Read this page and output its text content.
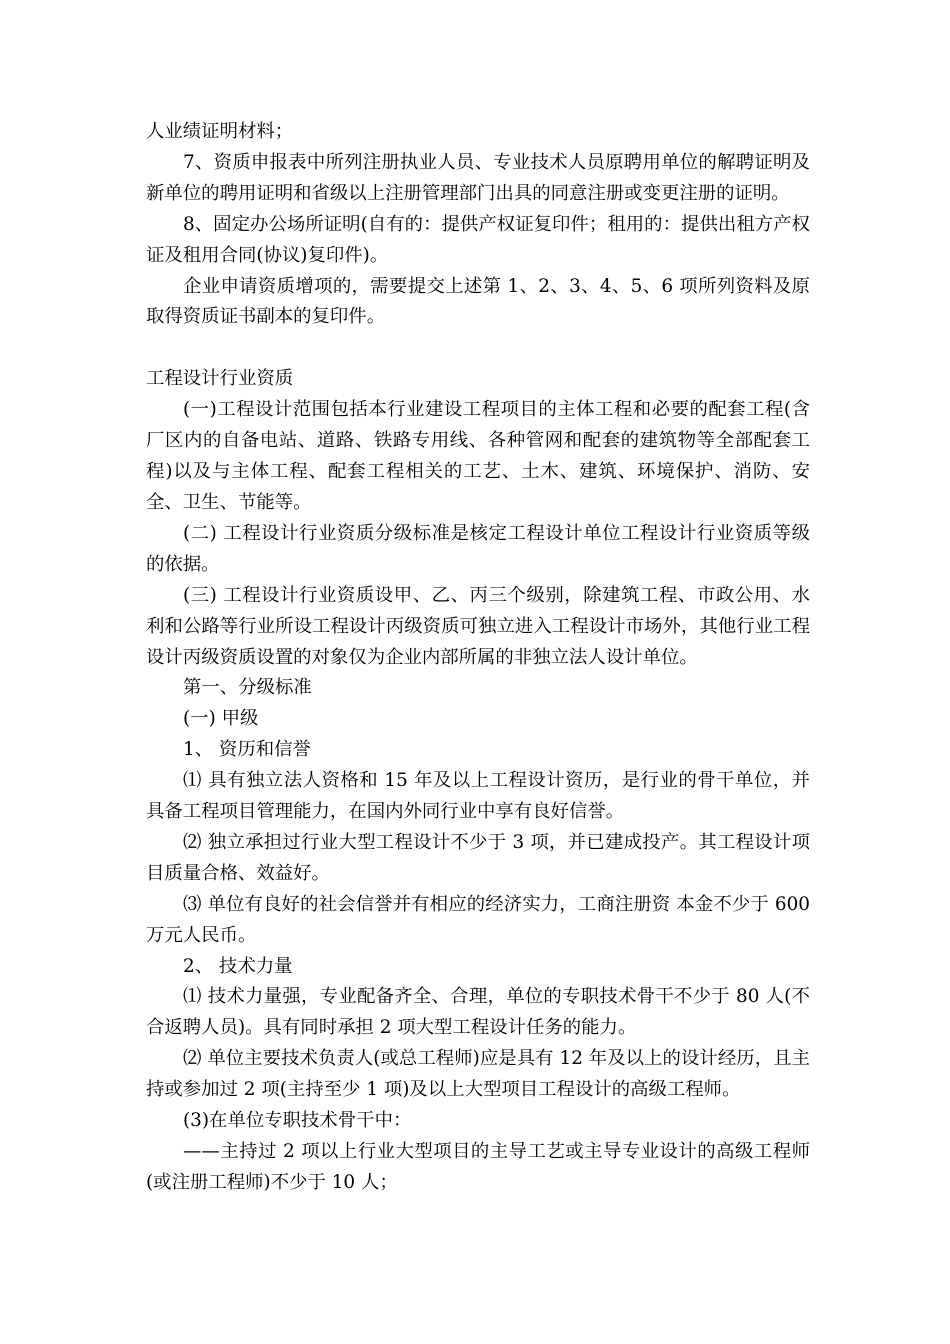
人业绩证明材料；

7、资质申报表中所列注册执业人员、专业技术人员原聘用单位的解聘证明及新单位的聘用证明和省级以上注册管理部门出具的同意注册或变更注册的证明。

8、固定办公场所证明(自有的：提供产权证复印件；租用的：提供出租方产权证及租用合同(协议)复印件)。

企业申请资质增项的，需要提交上述第 1、2、3、4、5、6 项所列资料及原取得资质证书副本的复印件。

工程设计行业资质

(一)工程设计范围包括本行业建设工程项目的主体工程和必要的配套工程(含厂区内的自备电站、道路、铁路专用线、各种管网和配套的建筑物等全部配套工程)以及与主体工程、配套工程相关的工艺、土木、建筑、环境保护、消防、安全、卫生、节能等。

(二) 工程设计行业资质分级标准是核定工程设计单位工程设计行业资质等级的依据。

(三) 工程设计行业资质设甲、乙、丙三个级别，除建筑工程、市政公用、水利和公路等行业所设工程设计丙级资质可独立进入工程设计市场外，其他行业工程设计丙级资质设置的对象仅为企业内部所属的非独立法人设计单位。

第一、分级标准

(一) 甲级

1、 资历和信誉

⑴ 具有独立法人资格和 15 年及以上工程设计资历，是行业的骨干单位，并具备工程项目管理能力，在国内外同行业中享有良好信誉。

⑵ 独立承担过行业大型工程设计不少于 3 项，并已建成投产。其工程设计项目质量合格、效益好。

⑶ 单位有良好的社会信誉并有相应的经济实力，工商注册资 本金不少于 600 万元人民币。

2、 技术力量

⑴ 技术力量强，专业配备齐全、合理，单位的专职技术骨干不少于 80 人(不合返聘人员)。具有同时承担 2 项大型工程设计任务的能力。

⑵ 单位主要技术负责人(或总工程师)应是具有 12 年及以上的设计经历，且主持或参加过 2 项(主持至少 1 项)及以上大型项目工程设计的高级工程师。

(3)在单位专职技术骨干中：

——主持过 2 项以上行业大型项目的主导工艺或主导专业设计的高级工程师(或注册工程师)不少于 10 人；
